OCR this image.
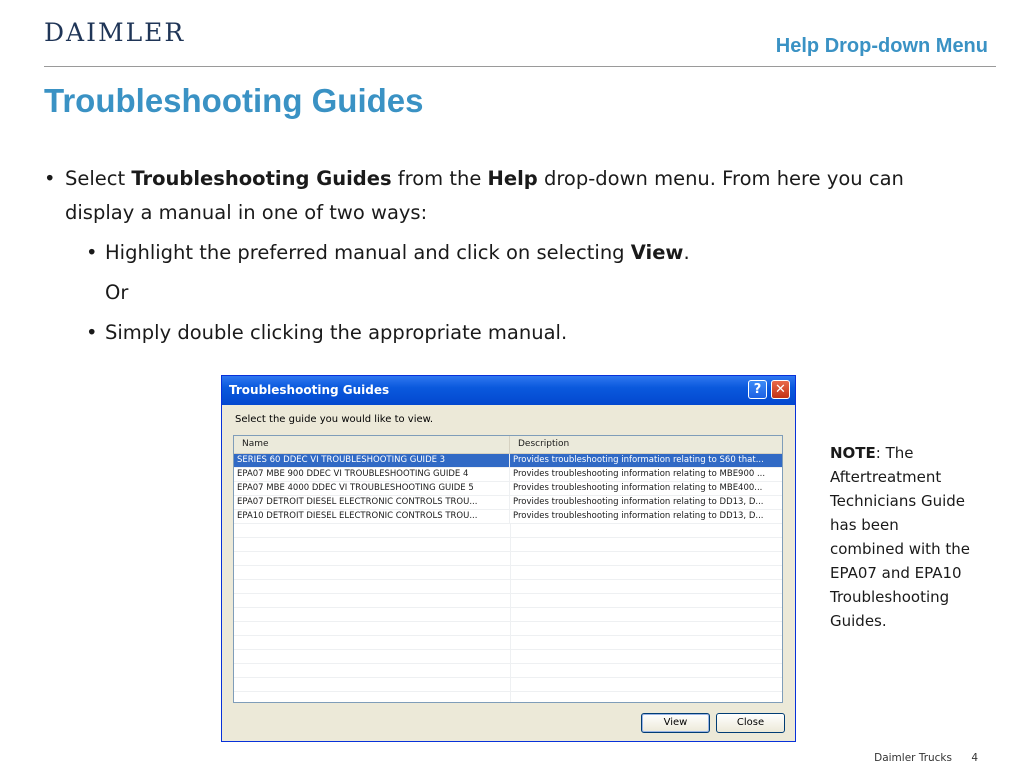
DAIMLER	Help Drop-down Menu
Troubleshooting Guides
• Select Troubleshooting Guides from the Help drop-down menu. From here you can display a manual in one of two ways:
• Highlight the preferred manual and click on selecting View.
Or
• Simply double clicking the appropriate manual.
Troubleshooting Guides	?	✕
Select the guide you would like to view.
Name	Description
SERIES 60 DDEC VI TROUBLESHOOTING GUIDE 3	Provides troubleshooting information relating to S60 that...
EPA07 MBE 900 DDEC VI TROUBLESHOOTING GUIDE 4	Provides troubleshooting information relating to MBE900 ...
EPA07 MBE 4000 DDEC VI TROUBLESHOOTING GUIDE 5	Provides troubleshooting information relating to MBE400...
EPA07 DETROIT DIESEL ELECTRONIC CONTROLS TROU...	Provides troubleshooting information relating to DD13, D...
EPA10 DETROIT DIESEL ELECTRONIC CONTROLS TROU...	Provides troubleshooting information relating to DD13, D...
View	Close
NOTE: The Aftertreatment Technicians Guide has been combined with the EPA07 and EPA10 Troubleshooting Guides.
Daimler Trucks 4
